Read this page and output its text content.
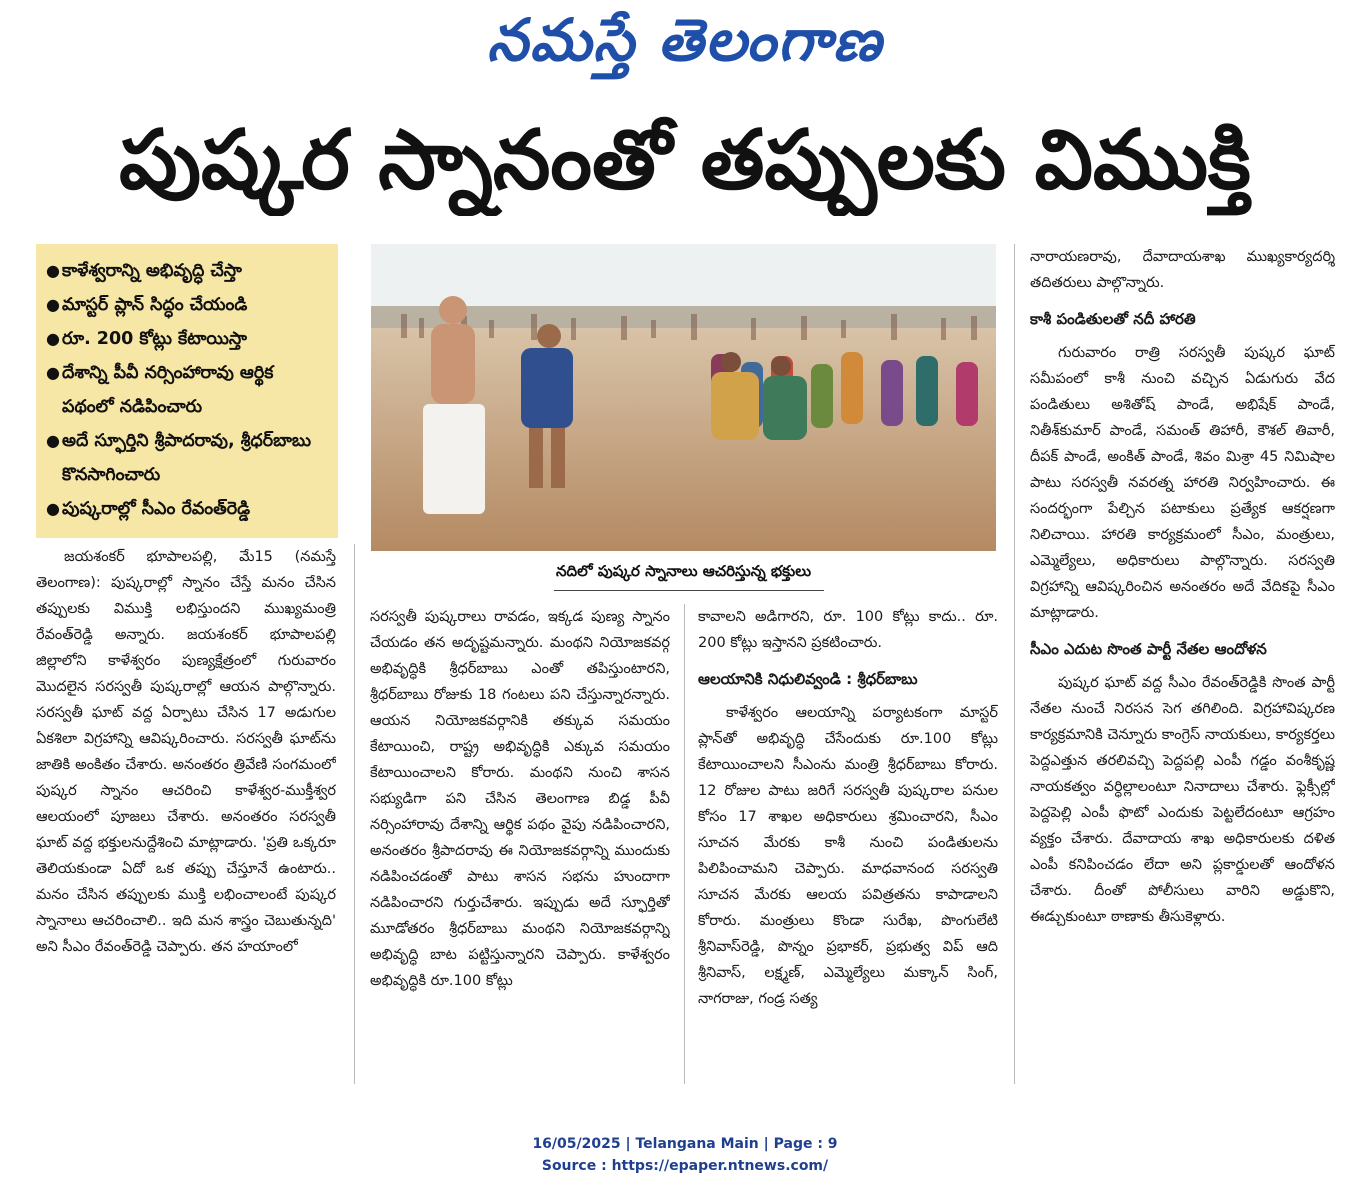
నమస్తే తెలంగాణ
పుష్కర స్నానంతో తప్పులకు విముక్తి
● కాళేశ్వరాన్ని అభివృద్ధి చేస్తా
● మాస్టర్ ప్లాన్ సిద్ధం చేయండి
● రూ. 200 కోట్లు కేటాయిస్తా
● దేశాన్ని పీవీ నర్సింహారావు ఆర్థిక పథంలో నడిపించారు
● అదే స్ఫూర్తిని శ్రీపాదరావు, శ్రీధర్‌బాబు కొనసాగించారు
● పుష్కరాల్లో సీఎం రేవంత్‌రెడ్డి
నదిలో పుష్కర స్నానాలు ఆచరిస్తున్న భక్తులు

జయశంకర్ భూపాలపల్లి, మే15 (నమస్తే తెలంగాణ): పుష్కరాల్లో స్నానం చేస్తే మనం చేసిన తప్పులకు విముక్తి లభిస్తుందని ముఖ్యమంత్రి రేవంత్‌రెడ్డి అన్నారు. జయశంకర్ భూపాలపల్లి జిల్లాలోని కాళేశ్వరం పుణ్యక్షేత్రంలో గురువారం మొదలైన సరస్వతీ పుష్కరాల్లో ఆయన పాల్గొన్నారు. సరస్వతీ ఘాట్ వద్ద ఏర్పాటు చేసిన 17 అడుగుల ఏకశిలా విగ్రహాన్ని ఆవిష్కరించారు. సరస్వతీ ఘాట్‌ను జాతికి అంకితం చేశారు. అనంతరం త్రివేణి సంగమంలో పుష్కర స్నానం ఆచరించి కాళేశ్వర-ముక్తీశ్వర ఆలయంలో పూజలు చేశారు. అనంతరం సరస్వతీ ఘాట్ వద్ద భక్తులనుద్దేశించి మాట్లాడారు. 'ప్రతి ఒక్కరూ తెలియకుండా ఏదో ఒక తప్పు చేస్తూనే ఉంటారు.. మనం చేసిన తప్పులకు ముక్తి లభించాలంటే పుష్కర స్నానాలు ఆచరించాలి.. ఇది మన శాస్త్రం చెబుతున్నది' అని సీఎం రేవంత్‌రెడ్డి చెప్పారు. తన హయాంలో

సరస్వతీ పుష్కరాలు రావడం, ఇక్కడ పుణ్య స్నానం చేయడం తన అదృష్టమన్నారు. మంథని నియోజకవర్గ అభివృద్ధికి శ్రీధర్‌బాబు ఎంతో తపిస్తుంటారని, శ్రీధర్‌బాబు రోజుకు 18 గంటలు పని చేస్తున్నారన్నారు. ఆయన నియోజకవర్గానికి తక్కువ సమయం కేటాయించి, రాష్ట్ర అభివృద్ధికి ఎక్కువ సమయం కేటాయించాలని కోరారు. మంథని నుంచి శాసన సభ్యుడిగా పని చేసిన తెలంగాణ బిడ్డ పీవీ నర్సింహారావు దేశాన్ని ఆర్థిక పథం వైపు నడిపించారని, అనంతరం శ్రీపాదరావు ఈ నియోజకవర్గాన్ని ముందుకు నడిపించడంతో పాటు శాసన సభను హుందాగా నడిపించారని గుర్తుచేశారు. ఇప్పుడు అదే స్ఫూర్తితో మూడోతరం శ్రీధర్‌బాబు మంథని నియోజకవర్గాన్ని అభివృద్ధి బాట పట్టిస్తున్నారని చెప్పారు. కాళేశ్వరం అభివృద్ధికి రూ.100 కోట్లు

కావాలని అడిగారని, రూ. 100 కోట్లు కాదు.. రూ. 200 కోట్లు ఇస్తానని ప్రకటించారు.

ఆలయానికి నిధులివ్వండి : శ్రీధర్‌బాబు

కాళేశ్వరం ఆలయాన్ని పర్యాటకంగా మాస్టర్ ప్లాన్‌తో అభివృద్ధి చేసేందుకు రూ.100 కోట్లు కేటాయించాలని సీఎంను మంత్రి శ్రీధర్‌బాబు కోరారు. 12 రోజుల పాటు జరిగే సరస్వతీ పుష్కరాల పనుల కోసం 17 శాఖల అధికారులు శ్రమించారని, సీఎం సూచన మేరకు కాశీ నుంచి పండితులను పిలిపించామని చెప్పారు. మాధవానంద సరస్వతి సూచన మేరకు ఆలయ పవిత్రతను కాపాడాలని కోరారు. మంత్రులు కొండా సురేఖ, పొంగులేటి శ్రీనివాస్‌రెడ్డి, పొన్నం ప్రభాకర్, ప్రభుత్వ విప్ ఆది శ్రీనివాస్, లక్ష్మణ్, ఎమ్మెల్యేలు మక్కాన్ సింగ్, నాగరాజు, గండ్ర సత్య

నారాయణరావు, దేవాదాయశాఖ ముఖ్యకార్యదర్శి తదితరులు పాల్గొన్నారు.

కాశీ పండితులతో నదీ హారతి

గురువారం రాత్రి సరస్వతీ పుష్కర ఘాట్ సమీపంలో కాశీ నుంచి వచ్చిన ఏడుగురు వేద పండితులు అశితోష్ పాండే, అభిషేక్ పాండే, నితీశ్‌కుమార్ పాండే, సమంత్ తిహారీ, కౌశల్ తివారీ, దీపక్ పాండే, అంకిత్ పాండే, శివం మిశ్రా 45 నిమిషాల పాటు సరస్వతీ నవరత్న హారతి నిర్వహించారు. ఈ సందర్భంగా పేల్చిన పటాకులు ప్రత్యేక ఆకర్షణగా నిలిచాయి. హారతి కార్యక్రమంలో సీఎం, మంత్రులు, ఎమ్మెల్యేలు, అధికారులు పాల్గొన్నారు. సరస్వతి విగ్రహాన్ని ఆవిష్కరించిన అనంతరం అదే వేదికపై సీఎం మాట్లాడారు.

సీఎం ఎదుట సొంత పార్టీ నేతల ఆందోళన

పుష్కర ఘాట్ వద్ద సీఎం రేవంత్‌రెడ్డికి సొంత పార్టీ నేతల నుంచే నిరసన సెగ తగిలింది. విగ్రహావిష్కరణ కార్యక్రమానికి చెన్నూరు కాంగ్రెస్ నాయకులు, కార్యకర్తలు పెద్దఎత్తున తరలివచ్చి పెద్దపల్లి ఎంపీ గడ్డం వంశీకృష్ణ నాయకత్వం వర్ధిల్లాలంటూ నినాదాలు చేశారు. ఫ్లెక్సీల్లో పెద్దపెల్లి ఎంపీ ఫొటో ఎందుకు పెట్టలేదంటూ ఆగ్రహం వ్యక్తం చేశారు. దేవాదాయ శాఖ అధికారులకు దళిత ఎంపీ కనిపించడం లేదా అని ప్లకార్డులతో ఆందోళన చేశారు. దీంతో పోలీసులు వారిని అడ్డుకొని, ఈడ్చుకుంటూ ఠాణాకు తీసుకెళ్లారు.

16/05/2025 | Telangana Main | Page : 9
Source : https://epaper.ntnews.com/
